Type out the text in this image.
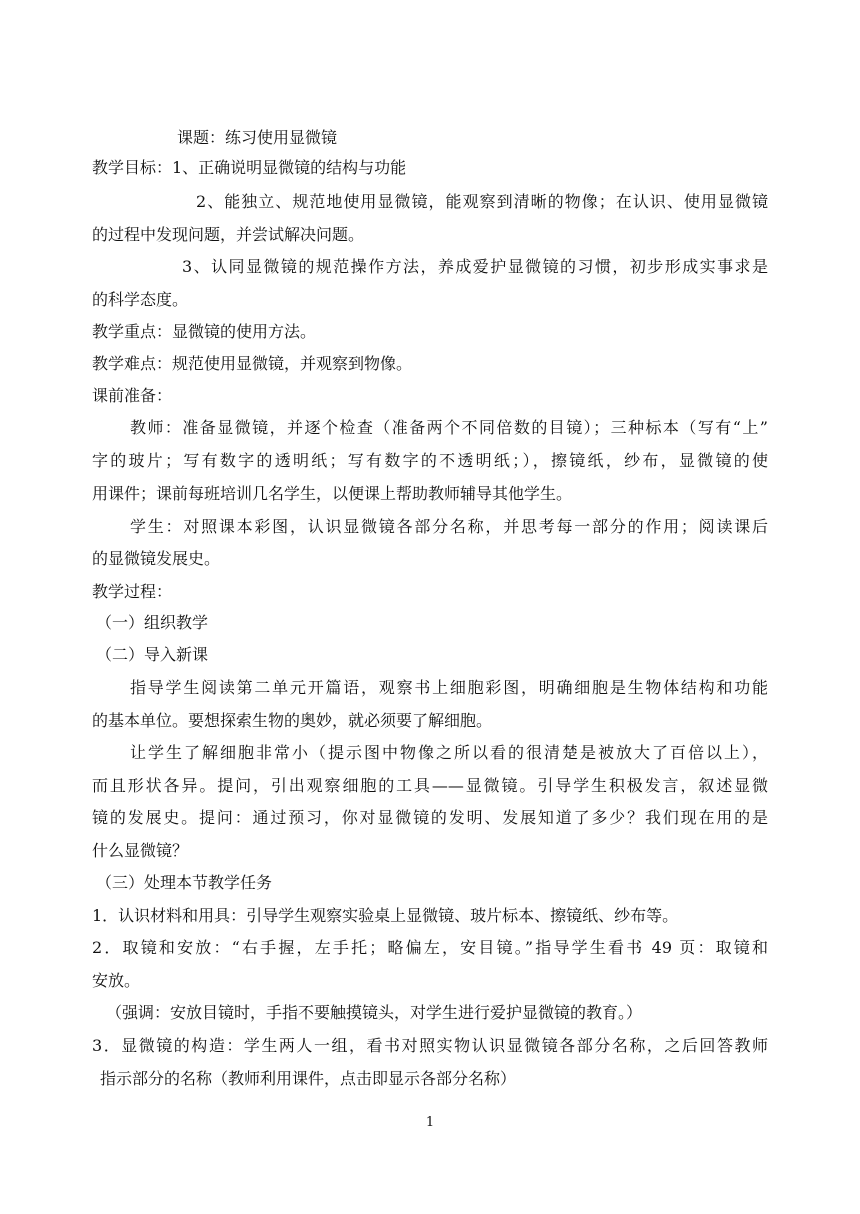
课题：练习使用显微镜
教学目标：1、正确说明显微镜的结构与功能
2、能独立、规范地使用显微镜，能观察到清晰的物像；在认识、使用显微镜
的过程中发现问题，并尝试解决问题。
3、认同显微镜的规范操作方法，养成爱护显微镜的习惯，初步形成实事求是
的科学态度。
教学重点：显微镜的使用方法。
教学难点：规范使用显微镜，并观察到物像。
课前准备：
教师：准备显微镜，并逐个检查（准备两个不同倍数的目镜）；三种标本（写有“上”
字的玻片；写有数字的透明纸；写有数字的不透明纸；），擦镜纸，纱布，显微镜的使
用课件；课前每班培训几名学生，以便课上帮助教师辅导其他学生。
学生：对照课本彩图，认识显微镜各部分名称，并思考每一部分的作用；阅读课后
的显微镜发展史。
教学过程：
（一）组织教学
（二）导入新课
指导学生阅读第二单元开篇语，观察书上细胞彩图，明确细胞是生物体结构和功能
的基本单位。要想探索生物的奥妙，就必须要了解细胞。
让学生了解细胞非常小（提示图中物像之所以看的很清楚是被放大了百倍以上），
而且形状各异。提问，引出观察细胞的工具——显微镜。引导学生积极发言，叙述显微
镜的发展史。提问：通过预习，你对显微镜的发明、发展知道了多少？我们现在用的是
什么显微镜？
（三）处理本节教学任务
1．认识材料和用具：引导学生观察实验桌上显微镜、玻片标本、擦镜纸、纱布等。
2．取镜和安放：“右手握，左手托；略偏左，安目镜。”指导学生看书 49 页：取镜和
安放。
（强调：安放目镜时，手指不要触摸镜头，对学生进行爱护显微镜的教育。）
3．显微镜的构造：学生两人一组，看书对照实物认识显微镜各部分名称，之后回答教师
指示部分的名称（教师利用课件，点击即显示各部分名称）
1
